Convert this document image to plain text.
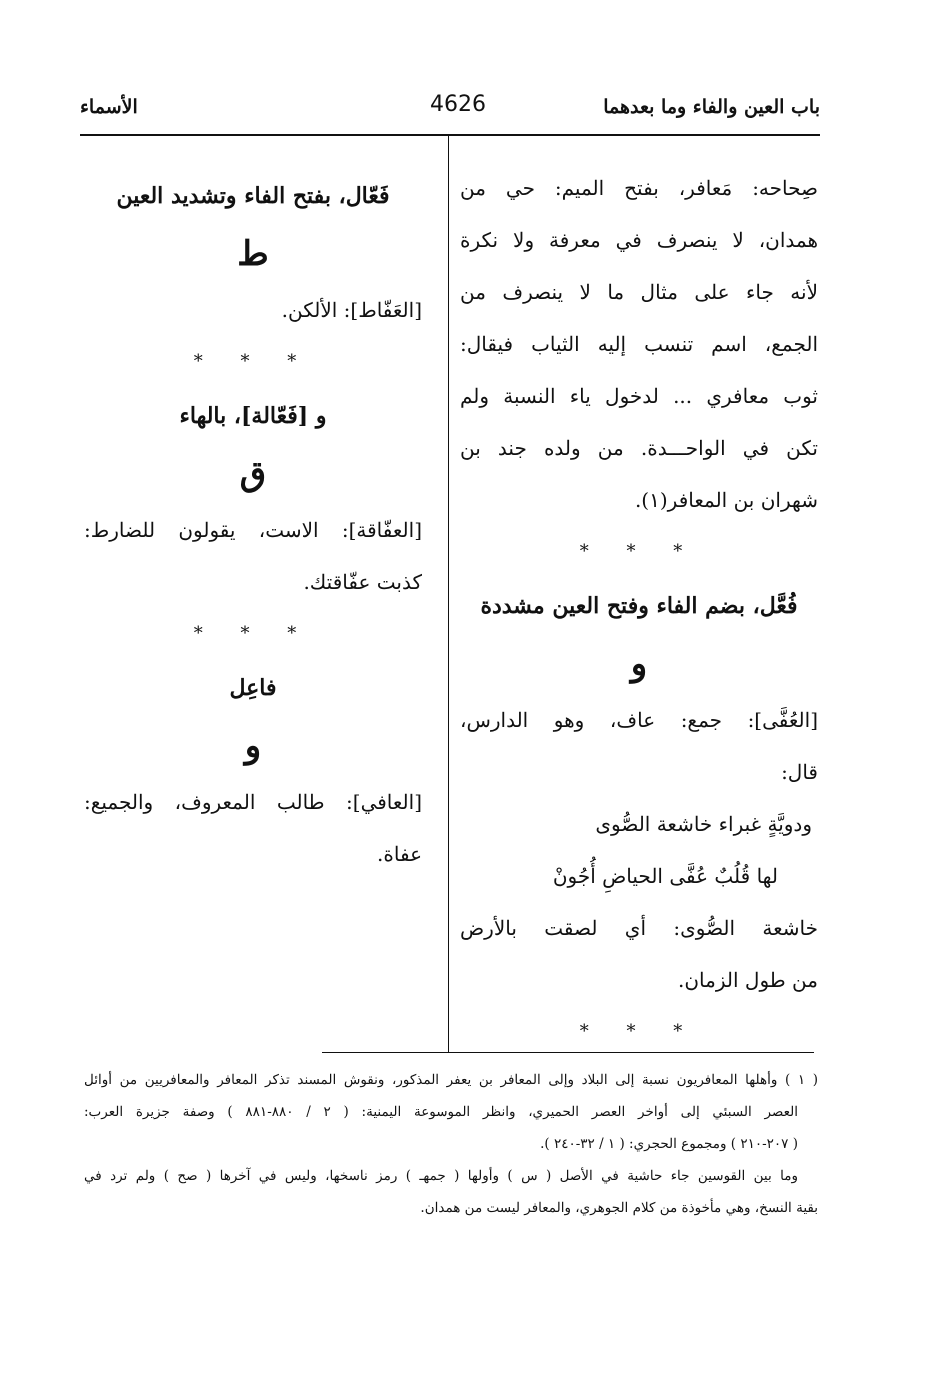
باب العين والفاء وما بعدهما
4626
الأسماء
صِحاحه: مَعافر، بفتح الميم: حي من
همدان، لا ينصرف في معرفة ولا نكرة
لأنه جاء على مثال ما لا ينصرف من
الجمع، اسم تنسب إليه الثياب فيقال:
ثوب معافري ... لدخول ياء النسبة ولم
تكن في الواحـــدة. من ولده جند بن
شهران بن المعافر(١).
* * *
فُعَّل، بضم الفاء وفتح العين مشددة
و
[العُفَّى]: جمع: عاف، وهو الدارس،
قال:
ودويَّةٍ غبراء خاشعة الصُّوى
لها قُلُبٌ عُفَّى الحياضِ أُجُونْ
خاشعة الصُّوى: أي لصقت بالأرض
من طول الزمان.
* * *
فَعّال، بفتح الفاء وتشديد العين
ط
[العَفّاط]: الألكن.
* * *
و [فَعّالة]، بالهاء
ق
[العفّاقة]: الاست، يقولون للضارط:
كذبت عفّاقتك.
* * *
فاعِل
و
[العافي]: طالب المعروف، والجميع:
عفاة.
( ١ ) وأهلها المعافريون نسبة إلى البلاد وإلى المعافر بن يعفر المذكور، ونقوش المسند تذكر المعافر والمعافريين من أوائل
العصر السبئي إلى أواخر العصر الحميري، وانظر الموسوعة اليمنية: ( ٢ / ٨٨٠-٨٨١ ) وصفة جزيرة العرب:
( ٢٠٧-٢١٠ ) ومجموع الحجري: ( ١ / ٣٢-٢٤٠ ).
وما بين القوسين جاء حاشية في الأصل ( س ) وأولها ( جمهـ ) رمز ناسخها، وليس في آخرها ( صح ) ولم ترد في
بقية النسخ، وهي مأخوذة من كلام الجوهري، والمعافر ليست من همدان.
